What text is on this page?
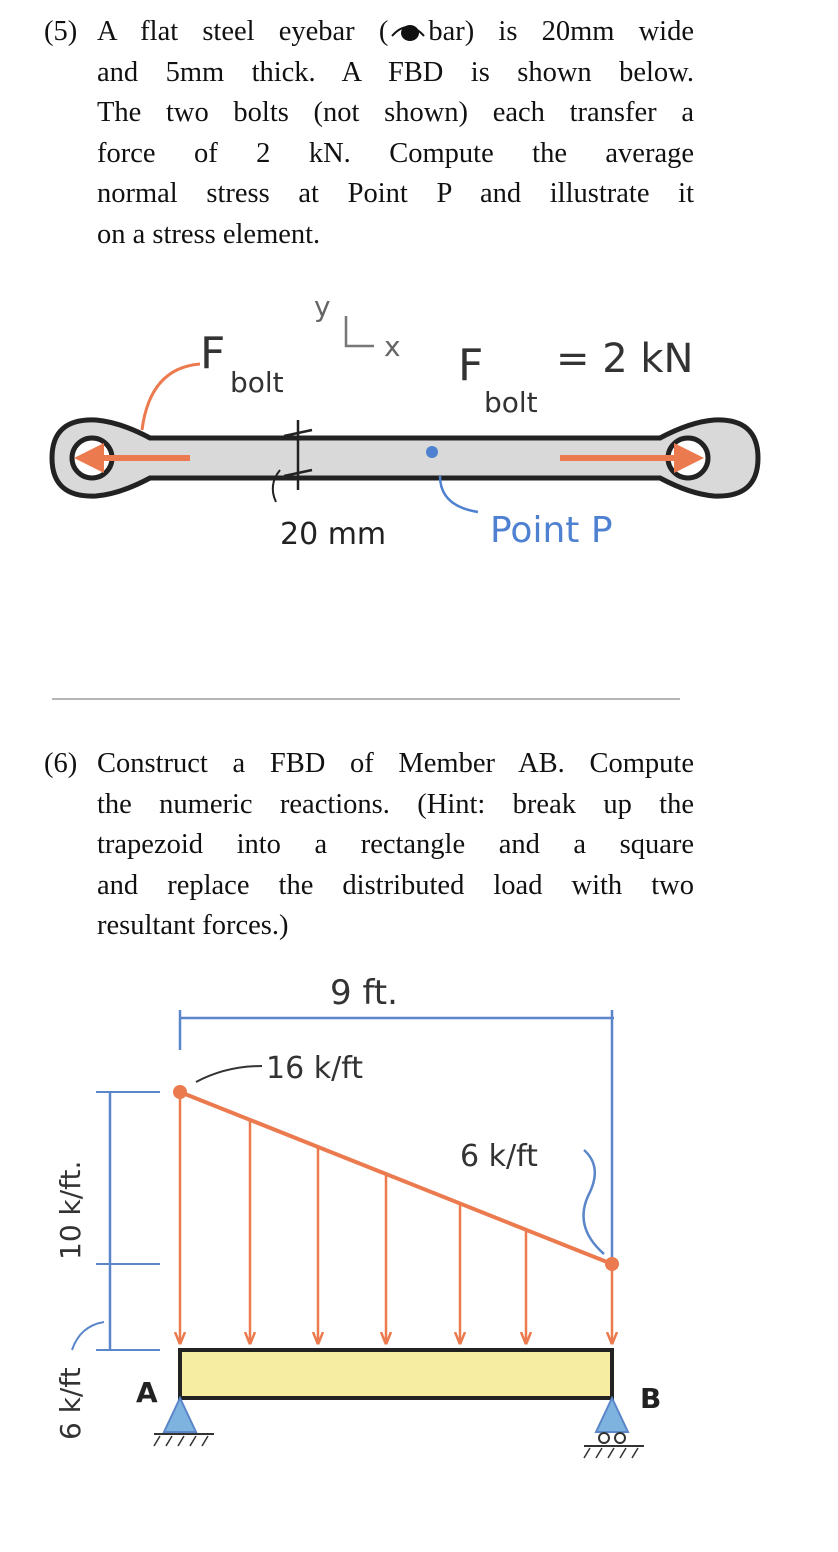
(5) A flat steel eyebar ( bar) is 20mm wide
and 5mm thick. A FBD is shown below.
The two bolts (not shown) each transfer a
force of 2 kN. Compute the average
normal stress at Point P and illustrate it
on a stress element.
y
x
F
bolt	F
bolt
= 2 kN
20 mm	Point P
(6) Construct a FBD of Member AB. Compute
the numeric reactions. (Hint: break up the
trapezoid into a rectangle and a square
and replace the distributed load with two
resultant forces.)
9 ft.
16 k/ft
6 k/ft
A	B
10 k/ft.
6 k/ft
